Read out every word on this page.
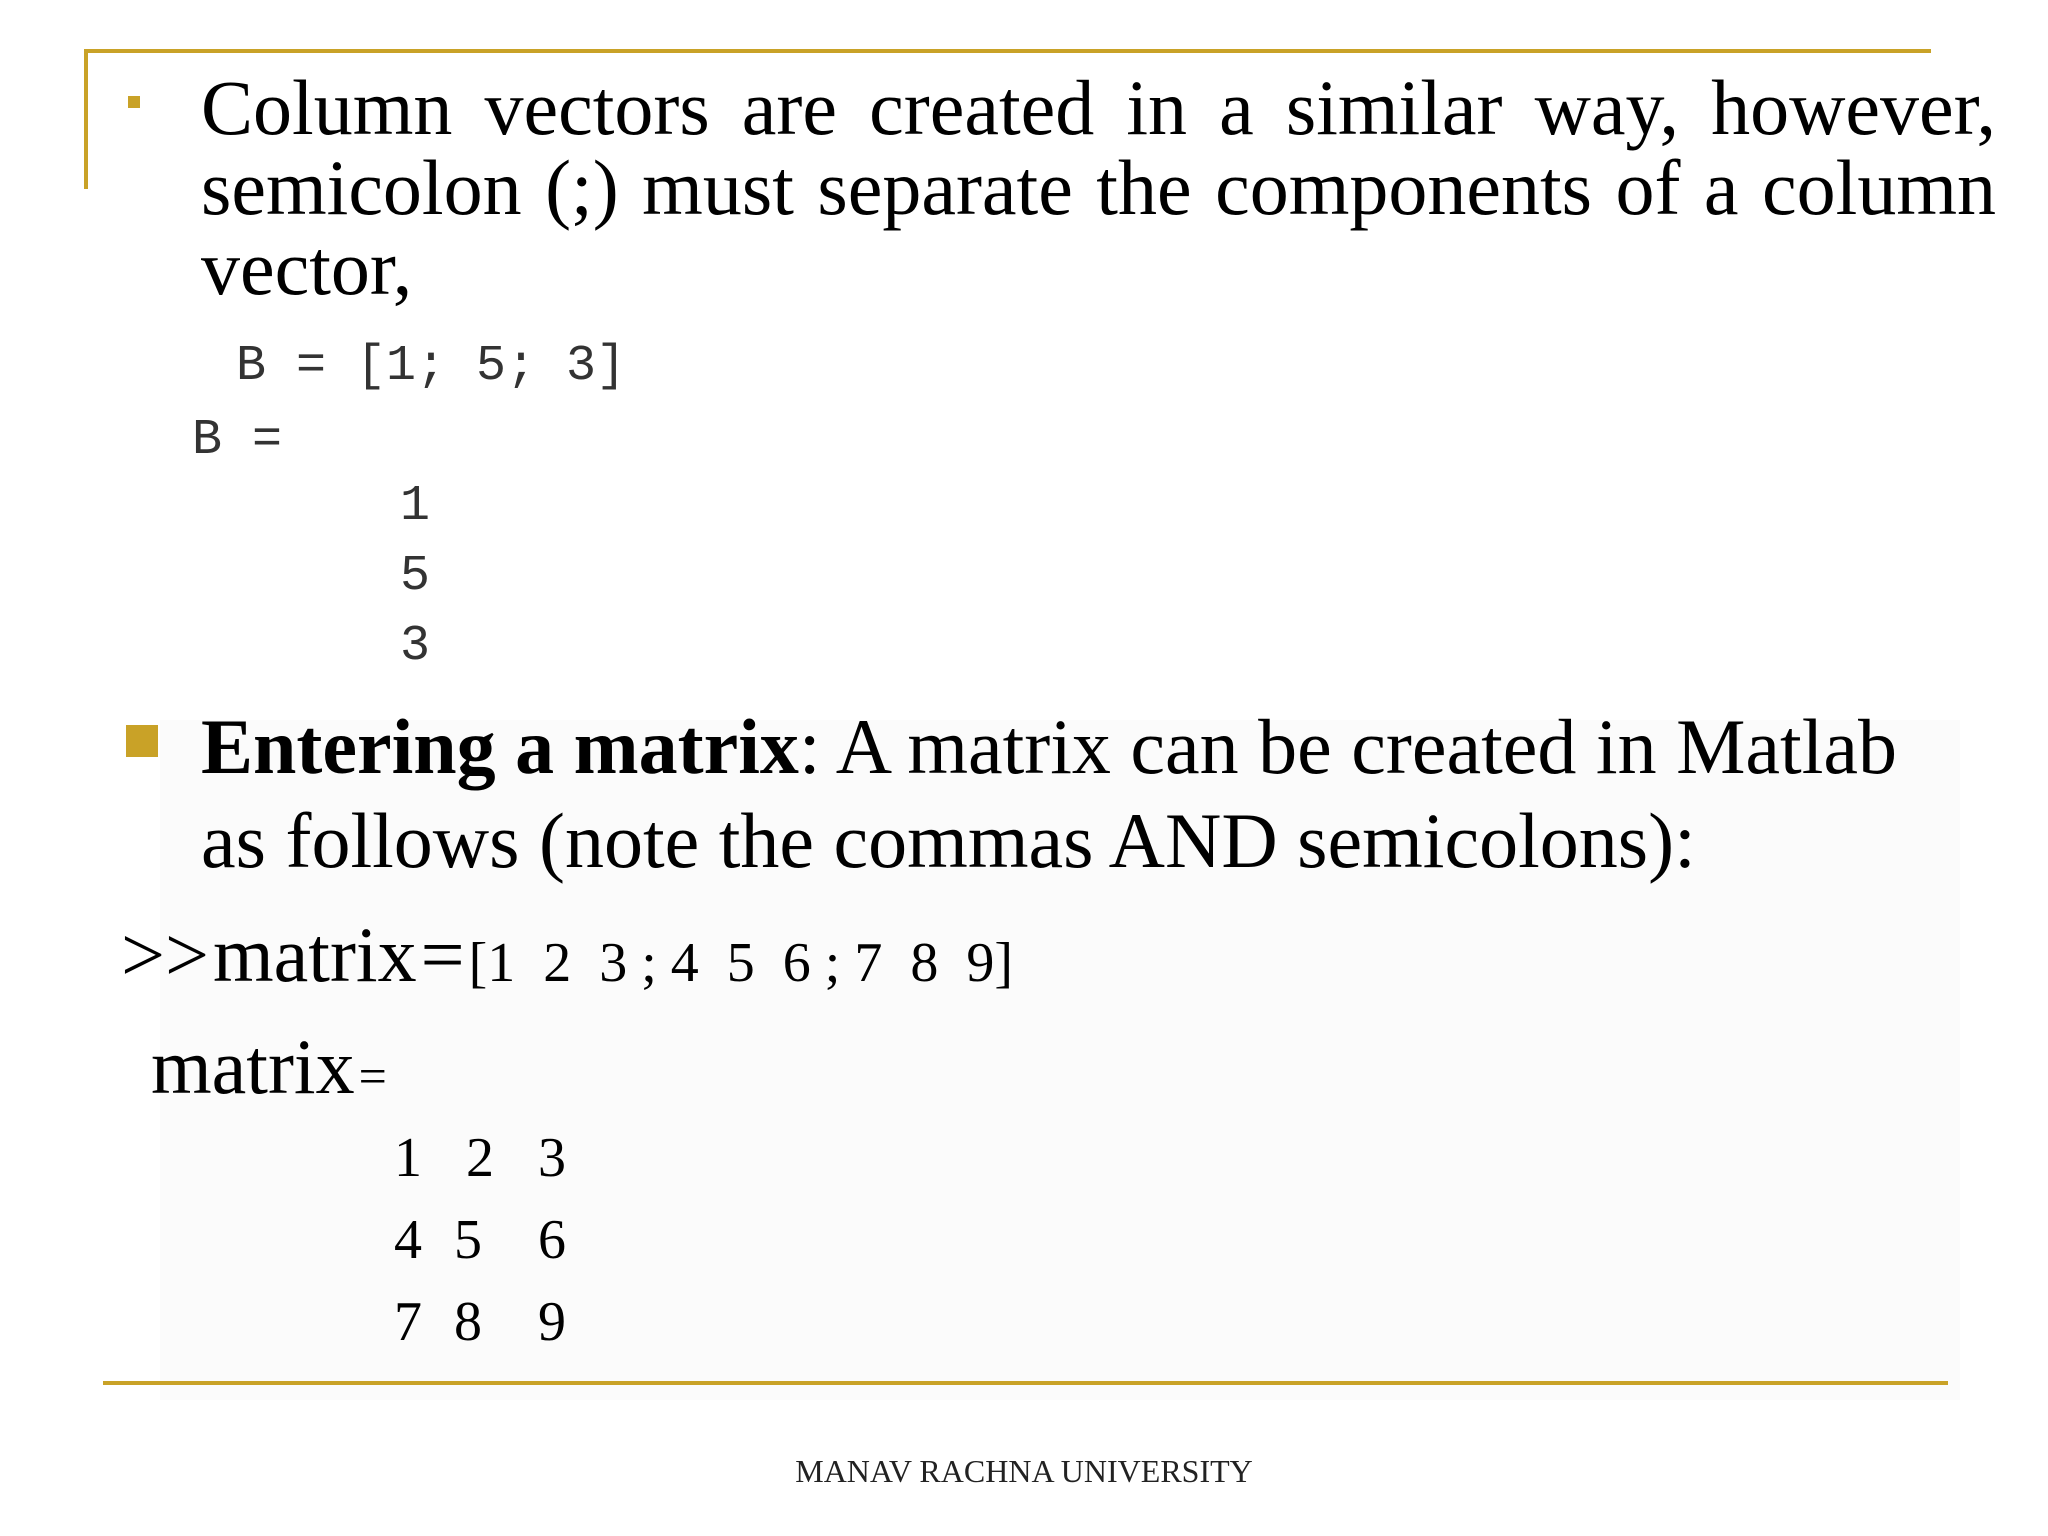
Column vectors are created in a similar way, however, semicolon (;) must separate the components of a column vector,
B = [1; 5; 3]
B =
1
5
3
Entering a matrix: A matrix can be created in Matlab as follows (note the commas AND semicolons):
>> matrix = [1  2  3 ; 4  5  6 ; 7  8  9]
matrix =
1 2 3
4 5 6
7 8 9
MANAV RACHNA UNIVERSITY
